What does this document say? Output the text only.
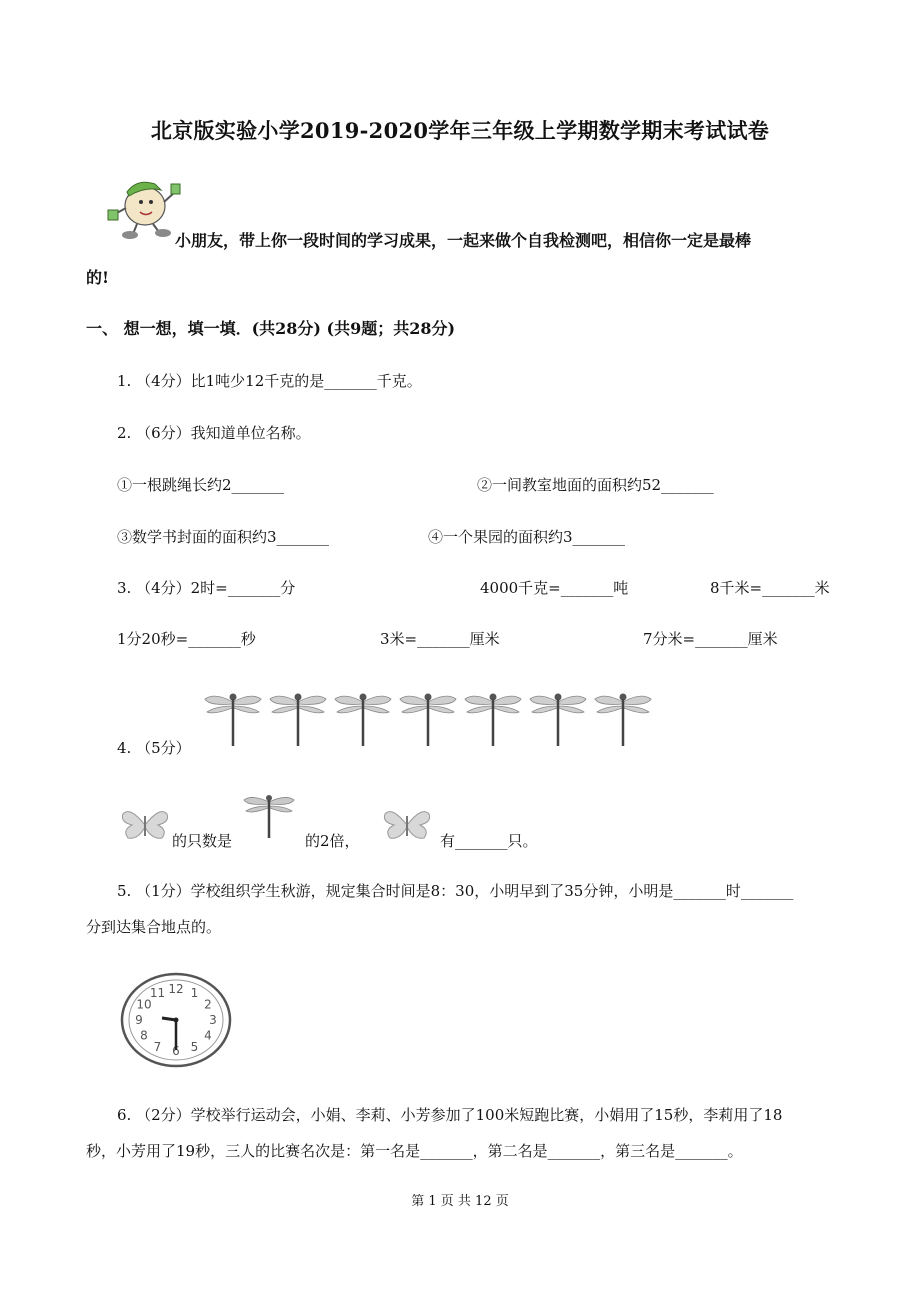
北京版实验小学2019-2020学年三年级上学期数学期末考试试卷
小朋友，带上你一段时间的学习成果，一起来做个自我检测吧，相信你一定是最棒
的!
一、 想一想，填一填．(共28分) (共9题；共28分)
1. （4分）比1吨少12千克的是_______千克。
2. （6分）我知道单位名称。
①一根跳绳长约2_______	②一间教室地面的面积约52_______
③数学书封面的面积约3_______	④一个果园的面积约3_______
3. （4分）2时=_______分	4000千克=_______吨	8千米=_______米
1分20秒=_______秒	3米=_______厘米	7分米=_______厘米
4. （5分）
的只数是	的2倍，	有_______只。
5. （1分）学校组织学生秋游，规定集合时间是8：30，小明早到了35分钟，小明是_______时_______
分到达集合地点的。
12 1
2
3
4
5
6
7
8
9
10
11
6. （2分）学校举行运动会，小娟、李莉、小芳参加了100米短跑比赛，小娟用了15秒，李莉用了18
秒，小芳用了19秒，三人的比赛名次是：第一名是_______，第二名是_______，第三名是_______。
第 1 页 共 12 页
